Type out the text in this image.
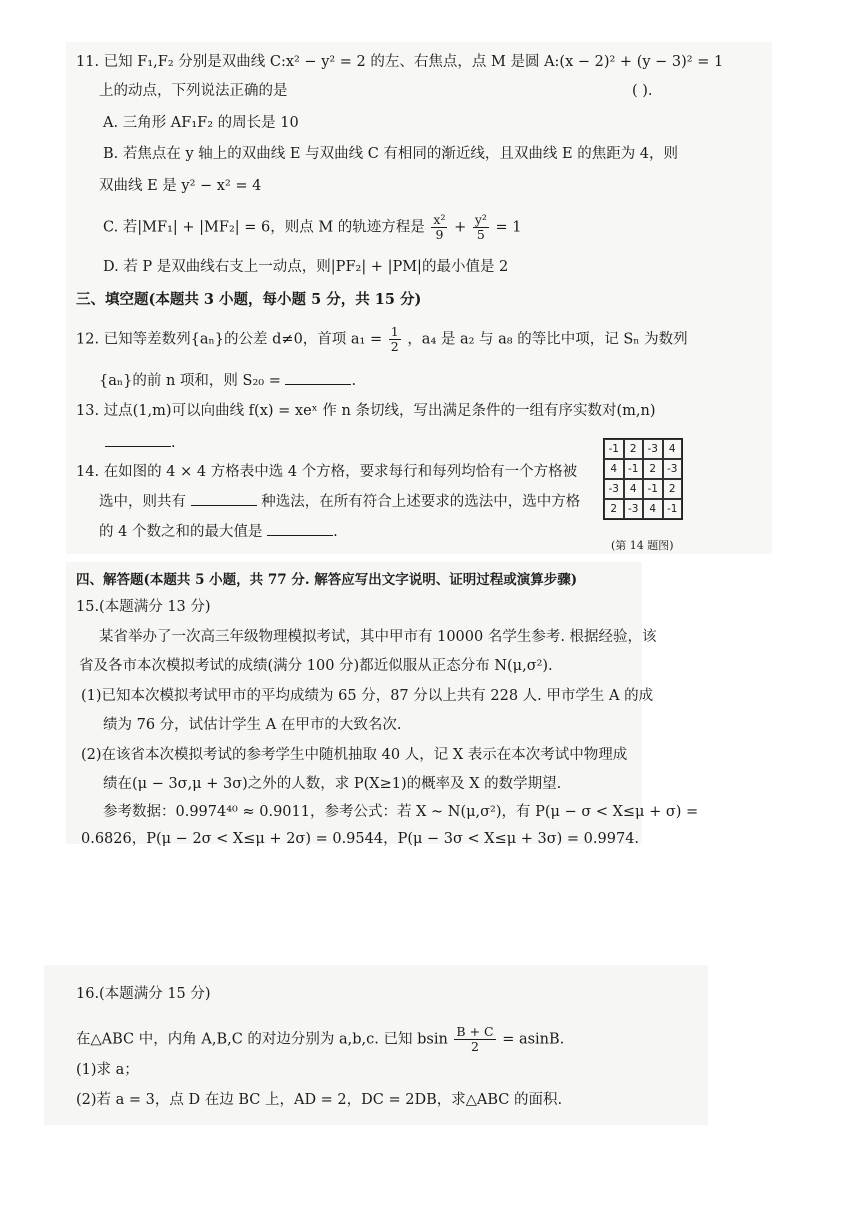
11. 已知 F₁,F₂ 分别是双曲线 C:x² − y² = 2 的左、右焦点，点 M 是圆 A:(x − 2)² + (y − 3)² = 1
上的动点，下列说法正确的是	( ).
A. 三角形 AF₁F₂ 的周长是 10
B. 若焦点在 y 轴上的双曲线 E 与双曲线 C 有相同的渐近线，且双曲线 E 的焦距为 4，则
双曲线 E 是 y² − x² = 4
C. 若|MF₁| + |MF₂| = 6，则点 M 的轨迹方程是 $\frac{\text{x²}}{9} + \frac{\text{y²}}{5} = 1$
D. 若 P 是双曲线右支上一动点，则|PF₂| + |PM|的最小值是 2
三、填空题(本题共 3 小题，每小题 5 分，共 15 分)
12. 已知等差数列{aₙ}的公差 d≠0，首项 $a_1 = \frac{1}{2}$ ，a₄ 是 a₂ 与 a₈ 的等比中项，记 Sₙ 为数列
{aₙ}的前 n 项和，则 S₂₀ =	.
13. 过点(1,m)可以向曲线 f(x) = xeˣ 作 n 条切线，写出满足条件的一组有序实数对(m,n)
.
14. 在如图的 4 × 4 方格表中选 4 个方格，要求每行和每列均恰有一个方格被
选中，则共有	种选法，在所有符合上述要求的选法中，选中方格
的 4 个数之和的最大值是	.
-1	2	-3	4
4	-1	2	-3
-3	4	-1	2
2	-3	4	-1
(第 14 题图)
四、解答题(本题共 5 小题，共 77 分. 解答应写出文字说明、证明过程或演算步骤)
15.(本题满分 13 分)
某省举办了一次高三年级物理模拟考试，其中甲市有 10000 名学生参考. 根据经验，该
省及各市本次模拟考试的成绩(满分 100 分)都近似服从正态分布 N(μ,σ²).
(1)已知本次模拟考试甲市的平均成绩为 65 分，87 分以上共有 228 人. 甲市学生 A 的成
绩为 76 分，试估计学生 A 在甲市的大致名次.
(2)在该省本次模拟考试的参考学生中随机抽取 40 人，记 X 表示在本次考试中物理成
绩在(μ − 3σ,μ + 3σ)之外的人数，求 P(X≥1)的概率及 X 的数学期望.
参考数据：0.9974⁴⁰ ≈ 0.9011，参考公式：若 X ~ N(μ,σ²)，有 P(μ − σ < X≤μ + σ) =
0.6826，P(μ − 2σ < X≤μ + 2σ) = 0.9544，P(μ − 3σ < X≤μ + 3σ) = 0.9974.
16.(本题满分 15 分)
在△ABC 中，内角 A,B,C 的对边分别为 a,b,c. 已知 bsin $\frac{B + C}{2} = asinB$.
(1)求 a；
(2)若 a = 3，点 D 在边 BC 上，AD = 2，DC = 2DB，求△ABC 的面积.
